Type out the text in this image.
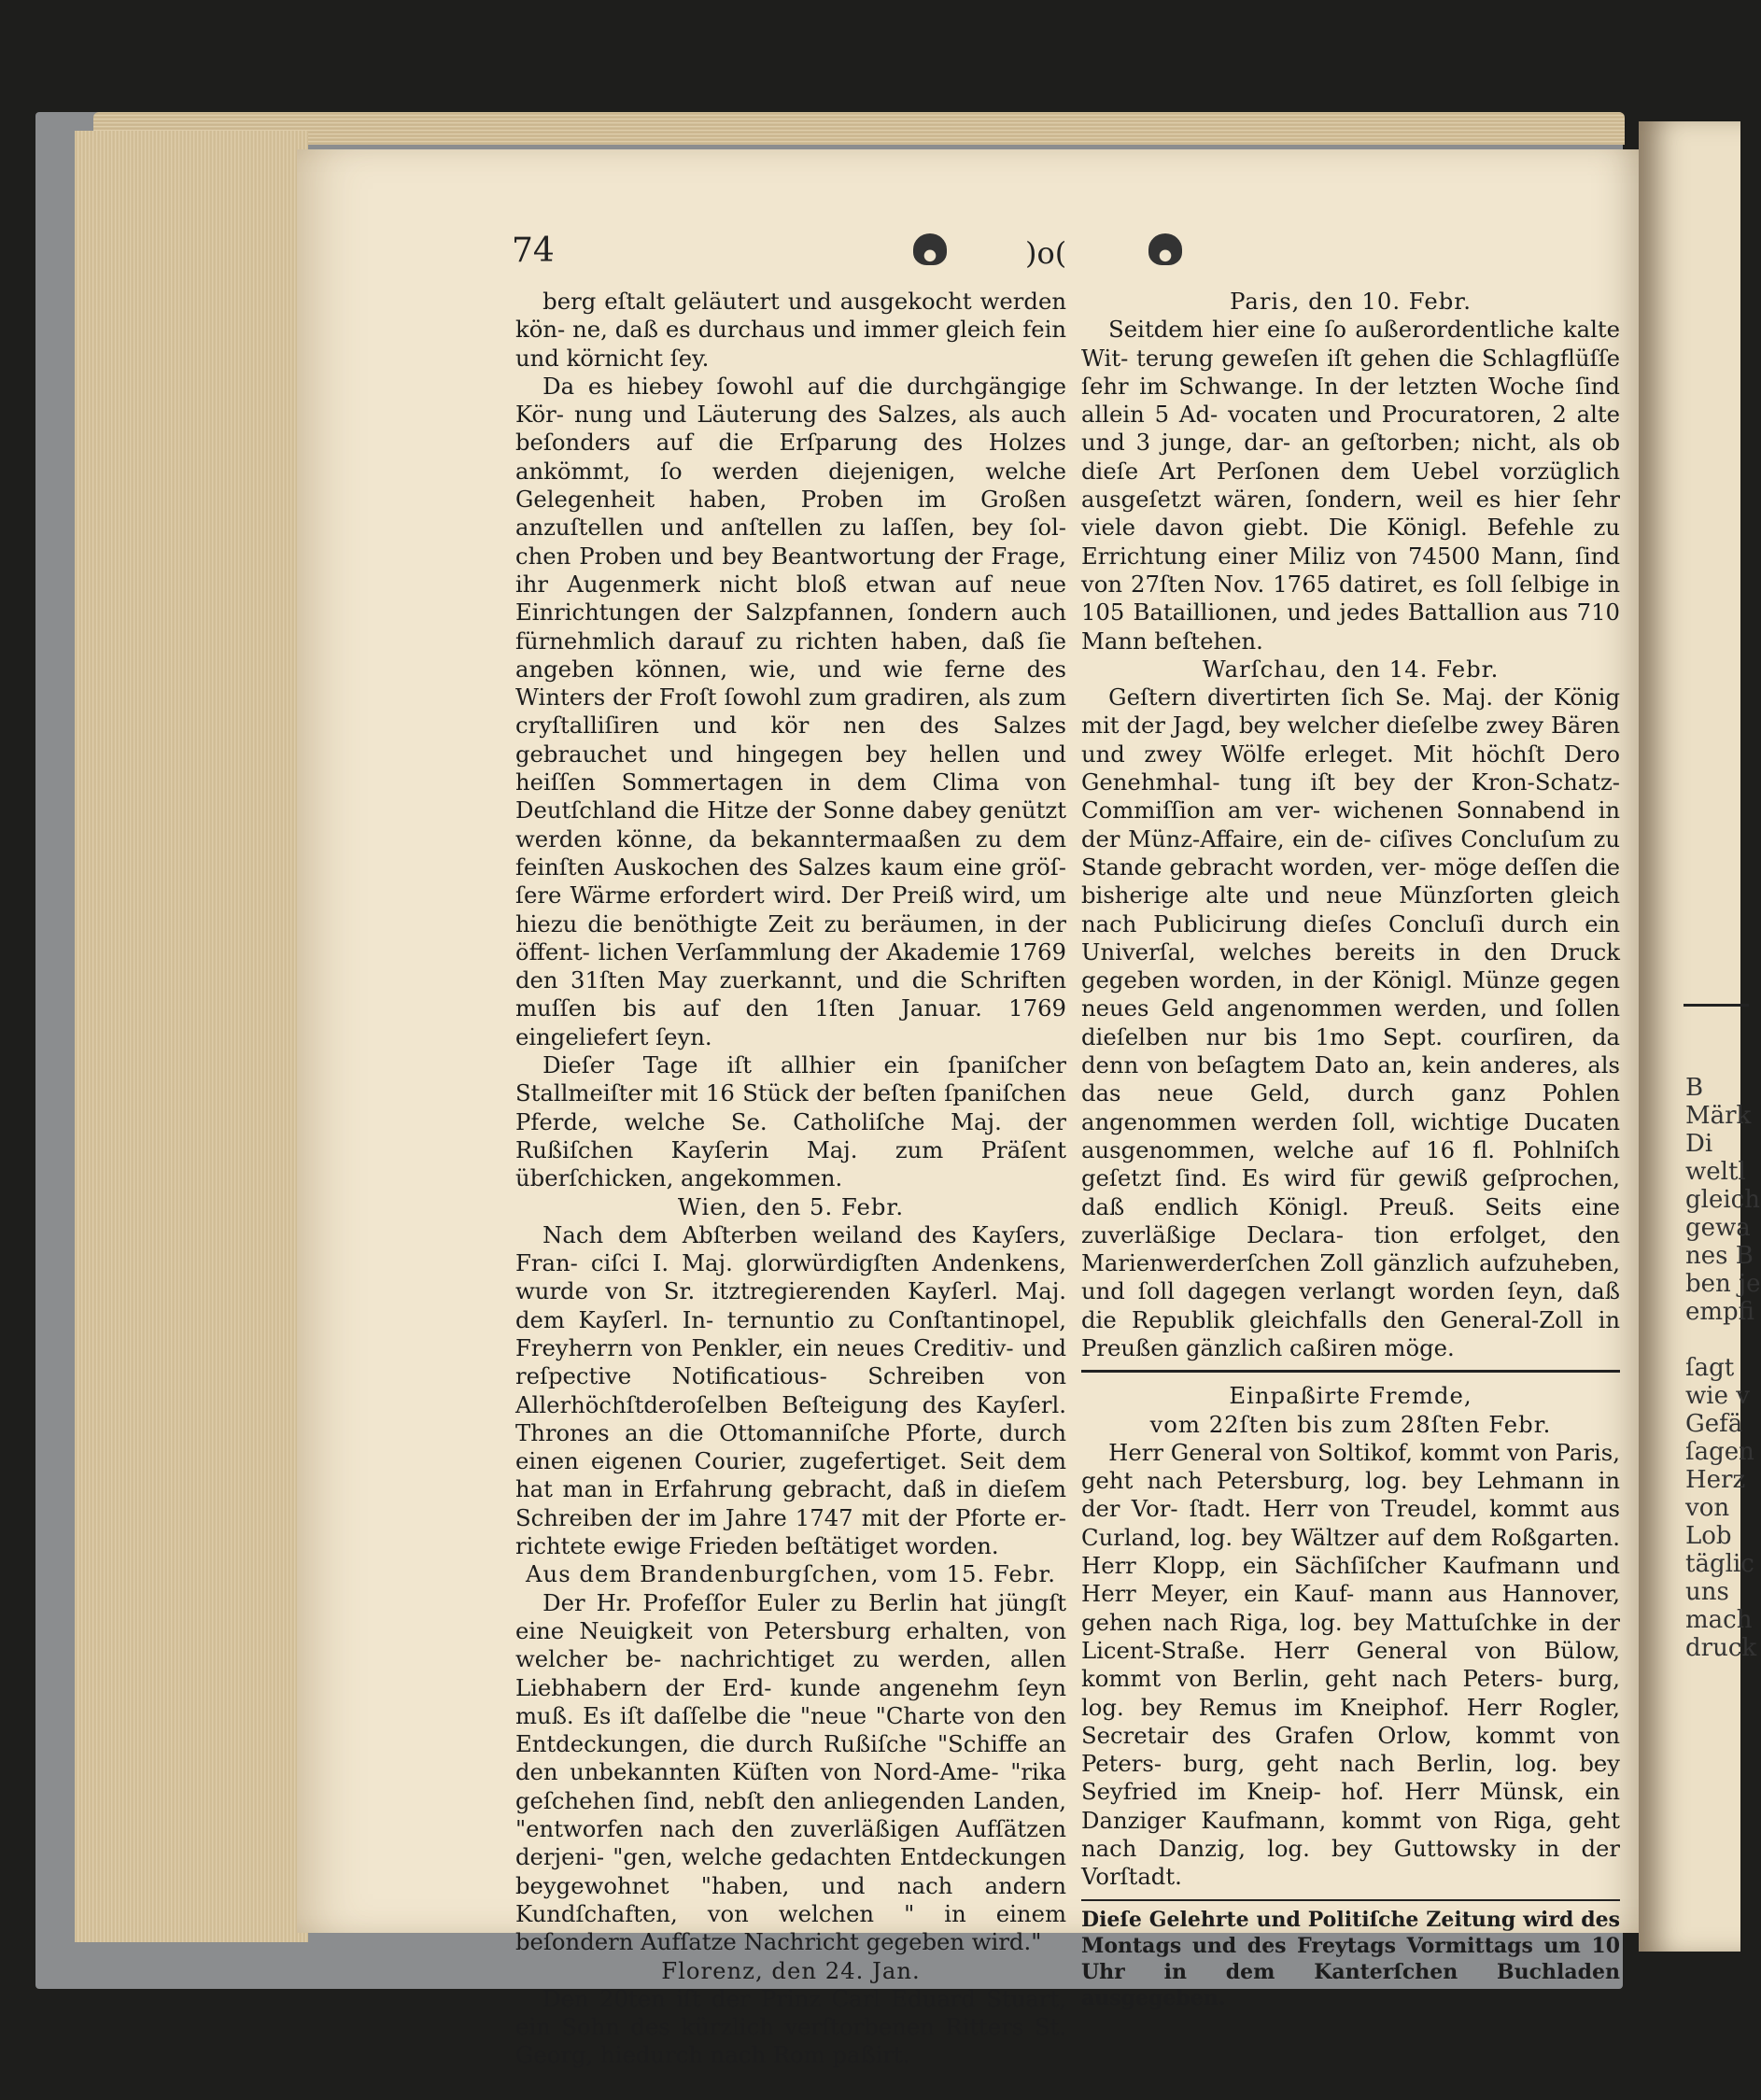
B
Märk
Di
weltl
gleich
gewa
nes B
ben je
empfi
ſagt
wie v
Gefä
ſagen
Herz
von
Lob
täglic
uns
mach
druck
74	)o(

berg eſtalt geläutert und ausgekocht werden kön- ne, daß es durchaus und immer gleich fein und körnicht ſey.

Da es hiebey ſowohl auf die durchgängige Kör- nung und Läuterung des Salzes, als auch beſonders auf die Erſparung des Holzes ankömmt, ſo werden diejenigen, welche Gelegenheit haben, Proben im Großen anzuſtellen und anſtellen zu laſſen, bey ſol- chen Proben und bey Beantwortung der Frage, ihr Augenmerk nicht bloß etwan auf neue Einrichtungen der Salzpfannen, ſondern auch fürnehmlich darauf zu richten haben, daß ſie angeben können, wie, und wie ferne des Winters der Froſt ſowohl zum gradiren, als zum cryſtalliſiren und kör nen des Salzes gebrauchet und hingegen bey hellen und heiſſen Sommertagen in dem Clima von Deutſchland die Hitze der Sonne dabey genützt werden könne, da bekanntermaaßen zu dem feinſten Auskochen des Salzes kaum eine gröſ- ſere Wärme erfordert wird. Der Preiß wird, um hiezu die benöthigte Zeit zu beräumen, in der öffent- lichen Verſammlung der Akademie 1769 den 31ſten May zuerkannt, und die Schriften muſſen bis auf den 1ſten Januar. 1769 eingeliefert ſeyn.

Dieſer Tage iſt allhier ein ſpaniſcher Stallmeiſter mit 16 Stück der beſten ſpaniſchen Pferde, welche Se. Catholiſche Maj. der Rußiſchen Kayſerin Maj. zum Präſent überſchicken, angekommen.

Wien, den 5. Febr.

Nach dem Abſterben weiland des Kayſers, Fran- ciſci I. Maj. glorwürdigſten Andenkens, wurde von Sr. itztregierenden Kayſerl. Maj. dem Kayſerl. In- ternuntio zu Conſtantinopel, Freyherrn von Penkler, ein neues Creditiv- und reſpective Notificatious- Schreiben von Allerhöchſtderoſelben Beſteigung des Kayſerl. Thrones an die Ottomanniſche Pforte, durch einen eigenen Courier, zugefertiget. Seit dem hat man in Erfahrung gebracht, daß in dieſem Schreiben der im Jahre 1747 mit der Pforte er- richtete ewige Frieden beſtätiget worden.

Aus dem Brandenburgſchen, vom 15. Febr.

Der Hr. Profeſſor Euler zu Berlin hat jüngſt eine Neuigkeit von Petersburg erhalten, von welcher be- nachrichtiget zu werden, allen Liebhabern der Erd- kunde angenehm ſeyn muß. Es iſt daſſelbe die "neue "Charte von den Entdeckungen, die durch Rußiſche "Schiffe an den unbekannten Küſten von Nord-Ame- "rika geſchehen ſind, nebſt den anliegenden Landen, "entworfen nach den zuverläßigen Aufſätzen derjeni- "gen, welche gedachten Entdeckungen beygewohnet "haben, und nach andern Kundſchaften, von welchen " in einem beſondern Aufſatze Nachricht gegeben wird."

Florenz, den 24. Jan.

Den 20ten iſt der Prinz Carl Eduard Stuart, ein Sohn des kürzlich verſtorbenen Ritters St. Georg, hiedurch nach Rom paßirt.

Paris, den 10. Febr.

Seitdem hier eine ſo außerordentliche kalte Wit- terung geweſen iſt gehen die Schlagflüſſe ſehr im Schwange. In der letzten Woche ſind allein 5 Ad- vocaten und Procuratoren, 2 alte und 3 junge, dar- an geſtorben; nicht, als ob dieſe Art Perſonen dem Uebel vorzüglich ausgeſetzt wären, ſondern, weil es hier ſehr viele davon giebt. Die Königl. Befehle zu Errichtung einer Miliz von 74500 Mann, ſind von 27ſten Nov. 1765 datiret, es ſoll ſelbige in 105 Bataillionen, und jedes Battallion aus 710 Mann beſtehen.

Warſchau, den 14. Febr.

Geſtern divertirten ſich Se. Maj. der König mit der Jagd, bey welcher dieſelbe zwey Bären und zwey Wölfe erleget. Mit höchſt Dero Genehmhal- tung iſt bey der Kron-Schatz-Commiſſion am ver- wichenen Sonnabend in der Münz-Affaire, ein de- ciſives Concluſum zu Stande gebracht worden, ver- möge deſſen die bisherige alte und neue Münzſorten gleich nach Publicirung dieſes Concluſi durch ein Univerſal, welches bereits in den Druck gegeben worden, in der Königl. Münze gegen neues Geld angenommen werden, und ſollen dieſelben nur bis 1mo Sept. courſiren, da denn von beſagtem Dato an, kein anderes, als das neue Geld, durch ganz Pohlen angenommen werden ſoll, wichtige Ducaten ausgenommen, welche auf 16 fl. Pohlniſch geſetzt ſind. Es wird für gewiß geſprochen, daß endlich Königl. Preuß. Seits eine zuverläßige Declara- tion erfolget, den Marienwerderſchen Zoll gänzlich aufzuheben, und ſoll dagegen verlangt worden ſeyn, daß die Republik gleichfalls den General-Zoll in Preußen gänzlich caßiren möge.

Einpaßirte Fremde,

vom 22ſten bis zum 28ſten Febr.

Herr General von Soltikof, kommt von Paris, geht nach Petersburg, log. bey Lehmann in der Vor- ſtadt. Herr von Treudel, kommt aus Curland, log. bey Wältzer auf dem Roßgarten. Herr Klopp, ein Sächſiſcher Kaufmann und Herr Meyer, ein Kauf- mann aus Hannover, gehen nach Riga, log. bey Mattuſchke in der Licent-Straße. Herr General von Bülow, kommt von Berlin, geht nach Peters- burg, log. bey Remus im Kneiphof. Herr Rogler, Secretair des Grafen Orlow, kommt von Peters- burg, geht nach Berlin, log. bey Seyfried im Kneip- hof. Herr Münsk, ein Danziger Kaufmann, kommt von Riga, geht nach Danzig, log. bey Guttowsky in der Vorſtadt.

Dieſe Gelehrte und Politiſche Zeitung wird des Montags und des Freytags Vormittags um 10 Uhr in dem Kanterſchen Buchladen ausgegeben.
